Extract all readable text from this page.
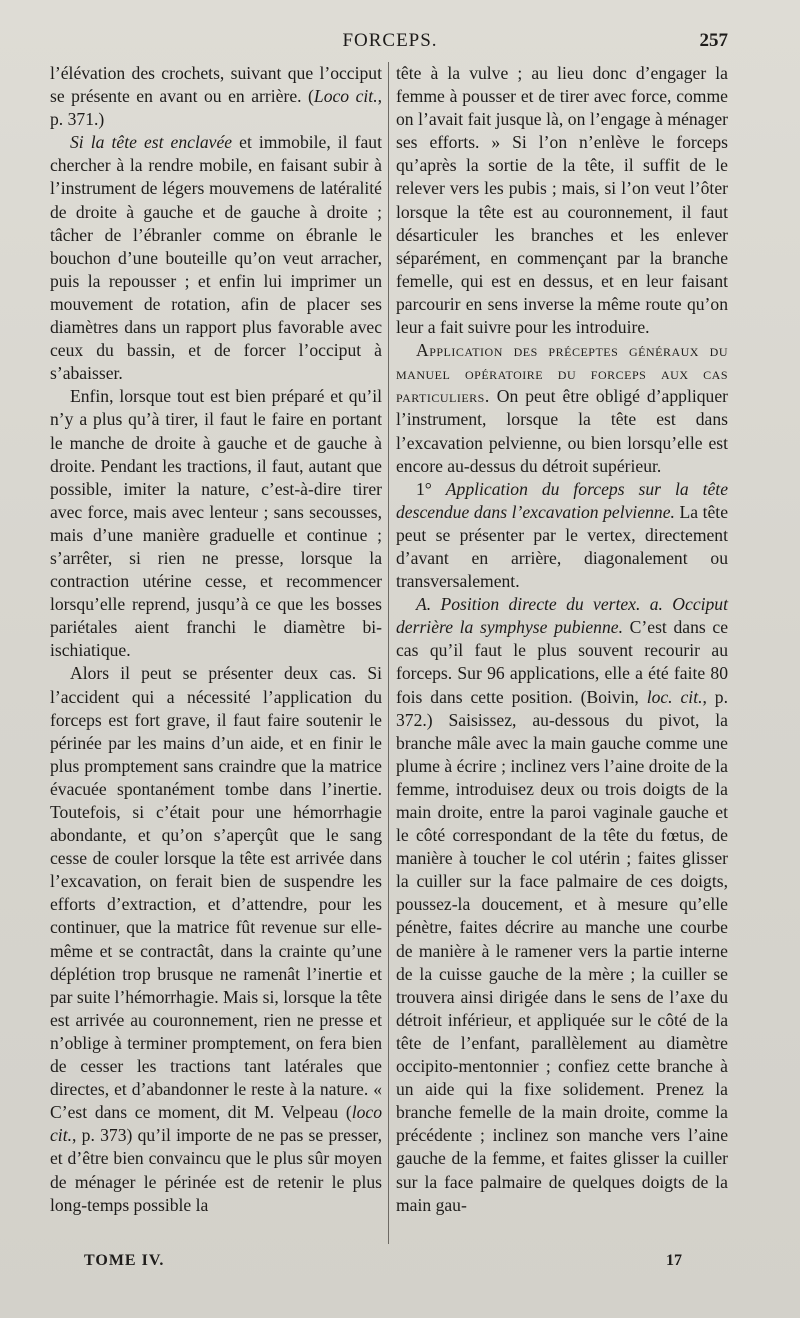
FORCEPS.	257

l’élévation des crochets, suivant que l’occiput se présente en avant ou en arrière. (Loco cit., p. 371.)

Si la tête est enclavée et immobile, il faut chercher à la rendre mobile, en faisant subir à l’instrument de légers mouvemens de latéralité de droite à gauche et de gauche à droite ; tâcher de l’ébranler comme on ébranle le bouchon d’une bouteille qu’on veut arracher, puis la repousser ; et enfin lui imprimer un mouvement de rotation, afin de placer ses diamètres dans un rapport plus favorable avec ceux du bassin, et de forcer l’occiput à s’abaisser.

Enfin, lorsque tout est bien préparé et qu’il n’y a plus qu’à tirer, il faut le faire en portant le manche de droite à gauche et de gauche à droite. Pendant les tractions, il faut, autant que possible, imiter la nature, c’est-à-dire tirer avec force, mais avec lenteur ; sans secousses, mais d’une manière graduelle et continue ; s’arrêter, si rien ne presse, lorsque la contraction utérine cesse, et recommencer lorsqu’elle reprend, jusqu’à ce que les bosses pariétales aient franchi le diamètre bi-ischiatique.

Alors il peut se présenter deux cas. Si l’accident qui a nécessité l’application du forceps est fort grave, il faut faire soutenir le périnée par les mains d’un aide, et en finir le plus promptement sans craindre que la matrice évacuée spontanément tombe dans l’inertie. Toutefois, si c’était pour une hémorrhagie abondante, et qu’on s’aperçût que le sang cesse de couler lorsque la tête est arrivée dans l’excavation, on ferait bien de suspendre les efforts d’extraction, et d’attendre, pour les continuer, que la matrice fût revenue sur elle-même et se contractât, dans la crainte qu’une déplétion trop brusque ne ramenât l’inertie et par suite l’hémorrhagie. Mais si, lorsque la tête est arrivée au couronnement, rien ne presse et n’oblige à terminer promptement, on fera bien de cesser les tractions tant latérales que directes, et d’abandonner le reste à la nature. « C’est dans ce moment, dit M. Velpeau (loco cit., p. 373) qu’il importe de ne pas se presser, et d’être bien convaincu que le plus sûr moyen de ménager le périnée est de retenir le plus long-temps possible la

tête à la vulve ; au lieu donc d’engager la femme à pousser et de tirer avec force, comme on l’avait fait jusque là, on l’engage à ménager ses efforts. » Si l’on n’enlève le forceps qu’après la sortie de la tête, il suffit de le relever vers les pubis ; mais, si l’on veut l’ôter lorsque la tête est au couronnement, il faut désarticuler les branches et les enlever séparément, en commençant par la branche femelle, qui est en dessus, et en leur faisant parcourir en sens inverse la même route qu’on leur a fait suivre pour les introduire.

Application des préceptes généraux du manuel opératoire du forceps aux cas particuliers. On peut être obligé d’appliquer l’instrument, lorsque la tête est dans l’excavation pelvienne, ou bien lorsqu’elle est encore au-dessus du détroit supérieur.

1° Application du forceps sur la tête descendue dans l’excavation pelvienne. La tête peut se présenter par le vertex, directement d’avant en arrière, diagonalement ou transversalement.

A. Position directe du vertex. a. Occiput derrière la symphyse pubienne. C’est dans ce cas qu’il faut le plus souvent recourir au forceps. Sur 96 applications, elle a été faite 80 fois dans cette position. (Boivin, loc. cit., p. 372.) Saisissez, au-dessous du pivot, la branche mâle avec la main gauche comme une plume à écrire ; inclinez vers l’aine droite de la femme, introduisez deux ou trois doigts de la main droite, entre la paroi vaginale gauche et le côté correspondant de la tête du fœtus, de manière à toucher le col utérin ; faites glisser la cuiller sur la face palmaire de ces doigts, poussez-la doucement, et à mesure qu’elle pénètre, faites décrire au manche une courbe de manière à le ramener vers la partie interne de la cuisse gauche de la mère ; la cuiller se trouvera ainsi dirigée dans le sens de l’axe du détroit inférieur, et appliquée sur le côté de la tête de l’enfant, parallèlement au diamètre occipito-mentonnier ; confiez cette branche à un aide qui la fixe solidement. Prenez la branche femelle de la main droite, comme la précédente ; inclinez son manche vers l’aine gauche de la femme, et faites glisser la cuiller sur la face palmaire de quelques doigts de la main gau-

TOME IV.	17
